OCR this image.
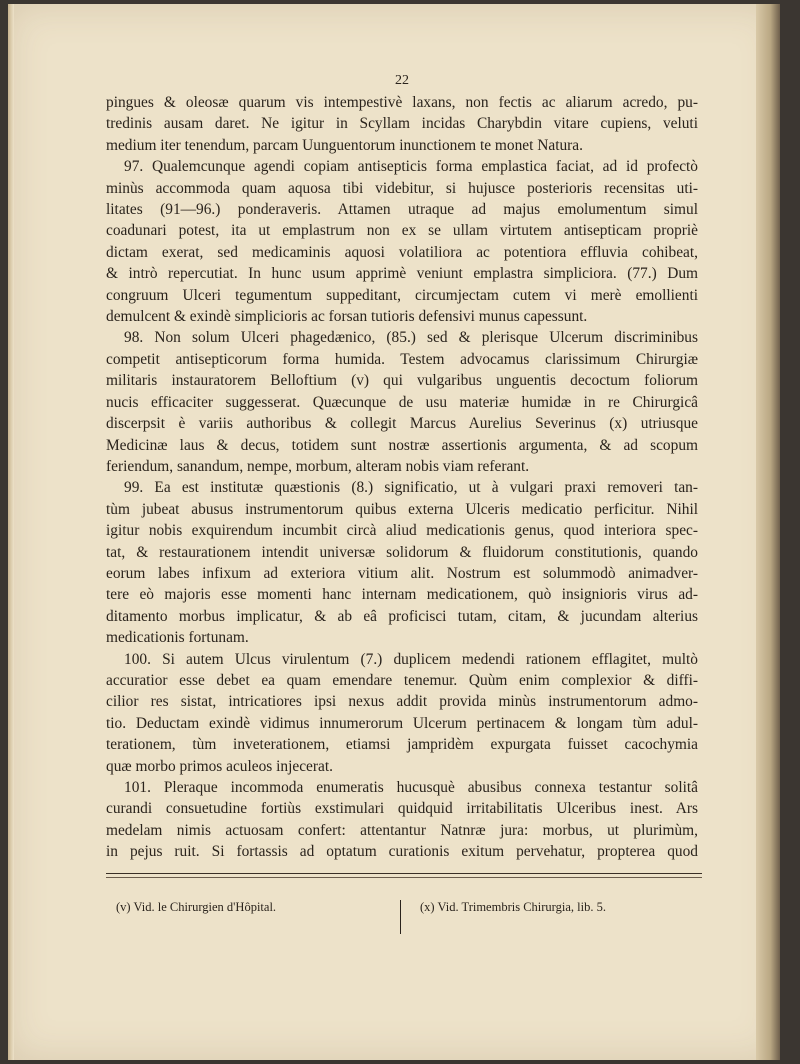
22
pingues & oleosæ quarum vis intempestivè laxans, non fectis ac aliarum acredo, pu-
tredinis ausam daret. Ne igitur in Scyllam incidas Charybdin vitare cupiens, veluti
medium iter tenendum, parcam Uunguentorum inunctionem te monet Natura.
97. Qualemcunque agendi copiam antisepticis forma emplastica faciat, ad id profectò
minùs accommoda quam aquosa tibi videbitur, si hujusce posterioris recensitas uti-
litates (91—96.) ponderaveris. Attamen utraque ad majus emolumentum simul
coadunari potest, ita ut emplastrum non ex se ullam virtutem antisepticam propriè
dictam exerat, sed medicaminis aquosi volatiliora ac potentiora effluvia cohibeat,
& intrò repercutiat. In hunc usum apprimè veniunt emplastra simpliciora. (77.) Dum
congruum Ulceri tegumentum suppeditant, circumjectam cutem vi merè emollienti
demulcent & exindè simplicioris ac forsan tutioris defensivi munus capessunt.
98. Non solum Ulceri phagedænico, (85.) sed & plerisque Ulcerum discriminibus
competit antisepticorum forma humida. Testem advocamus clarissimum Chirurgiæ
militaris instauratorem Belloftium (v) qui vulgaribus unguentis decoctum foliorum
nucis efficaciter suggesserat. Quæcunque de usu materiæ humidæ in re Chirurgicâ
discerpsit è variis authoribus & collegit Marcus Aurelius Severinus (x) utriusque
Medicinæ laus & decus, totidem sunt nostræ assertionis argumenta, & ad scopum
feriendum, sanandum, nempe, morbum, alteram nobis viam referant.
99. Ea est institutæ quæstionis (8.) significatio, ut à vulgari praxi removeri tan-
tùm jubeat abusus instrumentorum quibus externa Ulceris medicatio perficitur. Nihil
igitur nobis exquirendum incumbit circà aliud medicationis genus, quod interiora spec-
tat, & restaurationem intendit universæ solidorum & fluidorum constitutionis, quando
eorum labes infixum ad exteriora vitium alit. Nostrum est solummodò animadver-
tere eò majoris esse momenti hanc internam medicationem, quò insignioris virus ad-
ditamento morbus implicatur, & ab eâ proficisci tutam, citam, & jucundam alterius
medicationis fortunam.
100. Si autem Ulcus virulentum (7.) duplicem medendi rationem efflagitet, multò
accuratior esse debet ea quam emendare tenemur. Quùm enim complexior & diffi-
cilior res sistat, intricatiores ipsi nexus addit provida minùs instrumentorum admo-
tio. Deductam exindè vidimus innumerorum Ulcerum pertinacem & longam tùm adul-
terationem, tùm inveterationem, etiamsi jampridèm expurgata fuisset cacochymia
quæ morbo primos aculeos injecerat.
101. Pleraque incommoda enumeratis hucusquè abusibus connexa testantur solitâ
curandi consuetudine fortiùs exstimulari quidquid irritabilitatis Ulceribus inest. Ars
medelam nimis actuosam confert: attentantur Natnræ jura: morbus, ut plurimùm,
in pejus ruit. Si fortassis ad optatum curationis exitum pervehatur, propterea quod
(v) Vid. le Chirurgien d'Hôpital.	(x) Vid. Trimembris Chirurgia, lib. 5.
